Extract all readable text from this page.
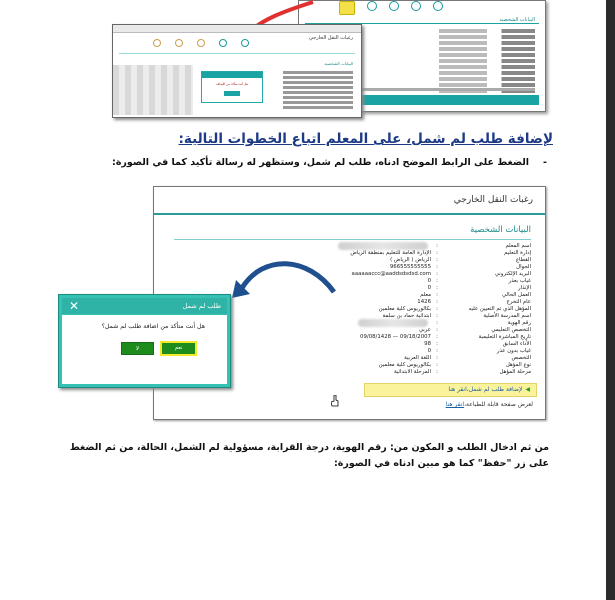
البيانات الشخصية
رغبات النقل الخارجي
البيانات الشخصية
هل أنت متأكد من الإضافة
لإضافة طلب لم شمل، على المعلم اتباع الخطوات التالية:
-الضغط على الرابط الموضح ادناه، طلب لم شمل، وستظهر له رسالة تأكيد كما في الصورة:
رغبات النقل الخارجي
البيانات الشخصية
اسم المعلم
:
إدارة التعليم
:
الإدارة العامة للتعليم بمنطقة الرياض
القطاع
:
الرياض ( الرياض )
الجوال
:
966555555555
البريد الإلكتروني
:
aaaaaaccc@aaddsdsdsd.com
غياب بعذر
:
0
الإنذار
:
0
العمل الحالي
:
معلم
عام التخرج
:
1426
المؤهل الذي تم التعيين عليه
:
بكالوريوس كلية معلمين
اسم المدرسة الأصلية
:
ابتدائية حماد بن سلمة
رقم الهوية
:
التخصص التعليمي
:
عربي
تاريخ المباشرة التعليمية
:
09/18/2007 — 09/08/1428
الأداء السابق
:
98
غياب بدون عذر
:
0
التخصص
:
اللغة العربية
نوع المؤهل
:
بكالوريوس كلية معلمين
مرحلة المؤهل
:
المرحلة الابتدائية
◀لإضافة طلب لم شمل،انقر هنا
لعرض صفحة قابلة للطباعة،انقر هنا
الرياض ( الرياض )
طلب لم شمل
✕
هل أنت متأكد من اضافة طلب لم شمل؟
لا	نعم
من ثم ادخال الطلب و المكون من: رقم الهوية، درجة القرابة، مسؤولية لم الشمل، الحالة، من ثم الضغط على زر "حفظ" كما هو مبين ادناه في الصورة:
